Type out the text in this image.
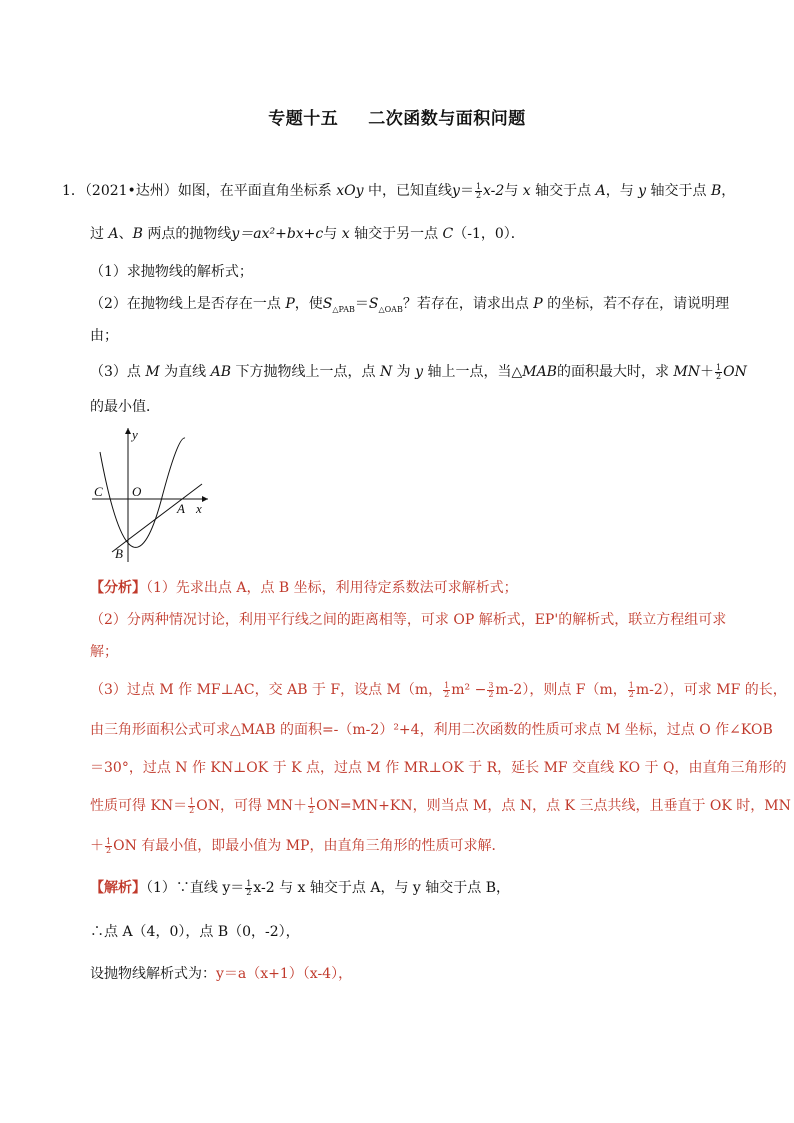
专题十五 二次函数与面积问题
1．（2021•达州）如图，在平面直角坐标系 xOy 中，已知直线$y= \frac{1}{2} x-2$与 x 轴交于点 A，与 y 轴交于点 B，
过 A、B 两点的抛物线y＝ax²+bx+c与 x 轴交于另一点 C（-1，0）．
（1）求抛物线的解析式；
（2）在抛物线上是否存在一点 P，使$S_{\triangle PAB}=S_{\triangle OAB}$？若存在，请求出点 P 的坐标，若不存在，请说明理
由；
（3）点 M 为直线 AB 下方抛物线上一点，点 N 为 y 轴上一点，当△MAB的面积最大时，求 $MN+ \frac{1}{2}$ ON
的最小值．
y
x
C O
A
B
【分析】（1）先求出点 A，点 B 坐标，利用待定系数法可求解析式；
（2）分两种情况讨论，利用平行线之间的距离相等，可求 OP 解析式，EP'的解析式，联立方程组可求
解；
（3）过点 M 作 MF⊥AC，交 AB 于 F，设点 M（m， $\frac{1}{2} m^2 - \frac{3}{2} m-2$），则点 F（m， $\frac{1}{2} m-2$），可求 MF 的长，
由三角形面积公式可求△MAB 的面积=-（m-2）²+4，利用二次函数的性质可求点 M 坐标，过点 O 作∠KOB
＝30°，过点 N 作 KN⊥OK 于 K 点，过点 M 作 MR⊥OK 于 R，延长 MF 交直线 KO 于 Q，由直角三角形的
性质可得 $KN= \frac{1}{2}$ ON，可得 $MN+ \frac{1}{2} ON=MN+KN$，则当点 M，点 N，点 K 三点共线，且垂直于 OK 时，MN
＋ $\frac{1}{2}$ ON 有最小值，即最小值为 MP，由直角三角形的性质可求解．
【解析】（1）∵直线 $y= \frac{1}{2} x-2$ 与 x 轴交于点 A，与 y 轴交于点 B，
∴点 A（4，0），点 B（0，-2），
设抛物线解析式为：y＝a（x+1）（x-4），
